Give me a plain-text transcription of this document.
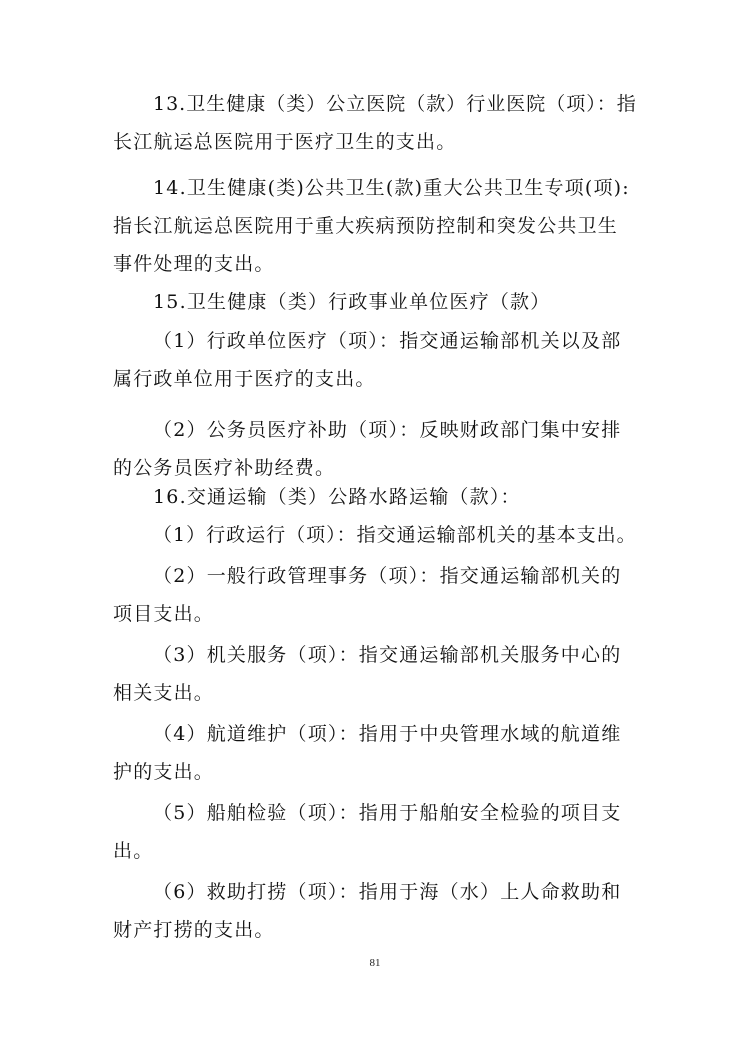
13.卫生健康（类）公立医院（款）行业医院（项）：指
长江航运总医院用于医疗卫生的支出。
14.卫生健康(类)公共卫生(款)重大公共卫生专项(项):
指长江航运总医院用于重大疾病预防控制和突发公共卫生
事件处理的支出。
15.卫生健康（类）行政事业单位医疗（款）
（1）行政单位医疗（项）：指交通运输部机关以及部
属行政单位用于医疗的支出。
（2）公务员医疗补助（项）：反映财政部门集中安排
的公务员医疗补助经费。
16.交通运输（类）公路水路运输（款）：
（1）行政运行（项）：指交通运输部机关的基本支出。
（2）一般行政管理事务（项）：指交通运输部机关的
项目支出。
（3）机关服务（项）：指交通运输部机关服务中心的
相关支出。
（4）航道维护（项）：指用于中央管理水域的航道维
护的支出。
（5）船舶检验（项）：指用于船舶安全检验的项目支
出。
（6）救助打捞（项）：指用于海（水）上人命救助和
财产打捞的支出。
81
